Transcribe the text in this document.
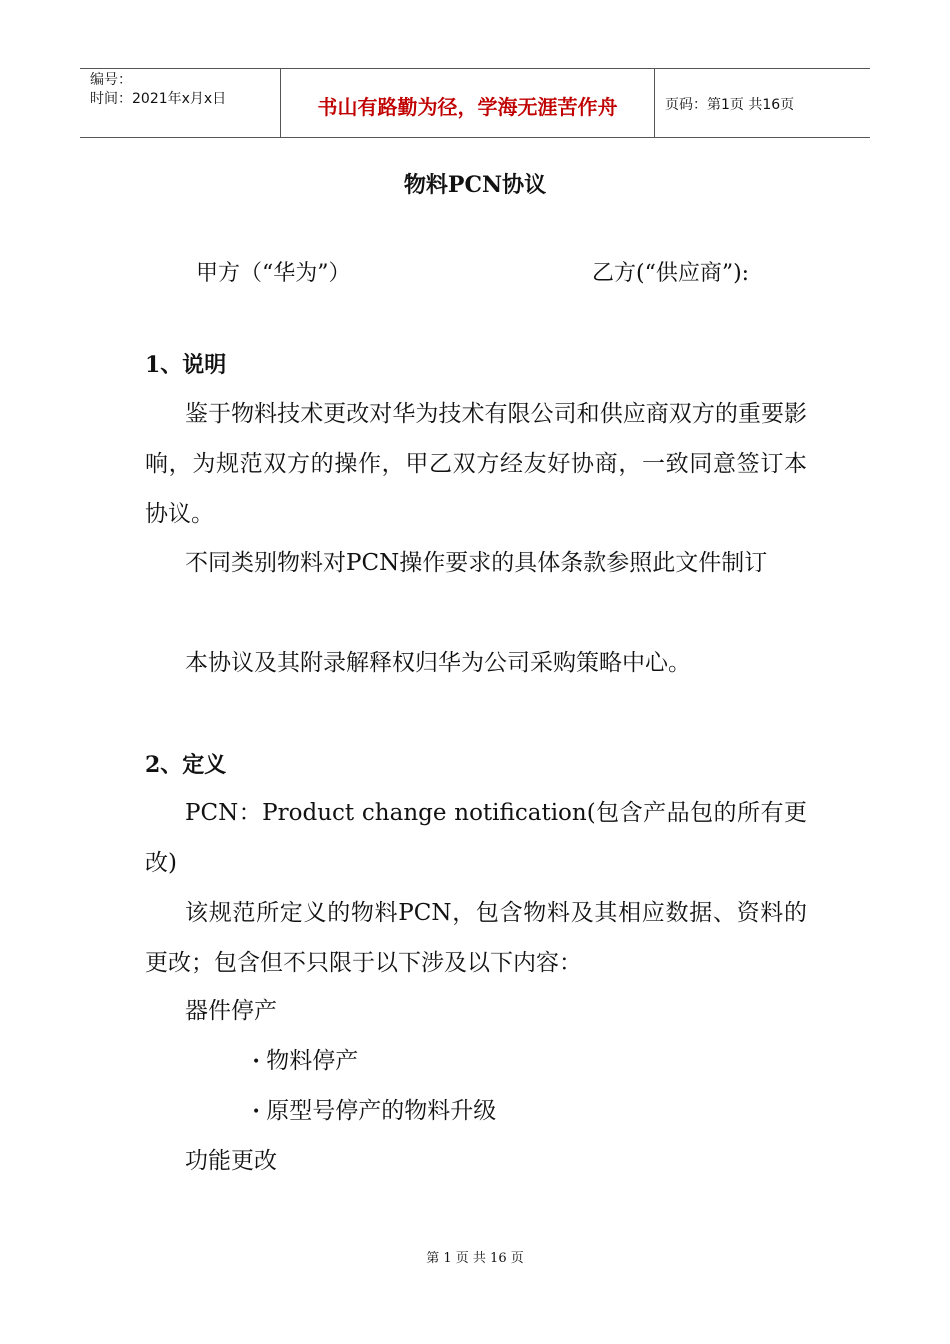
编号：
时间：2021年x月x日	书山有路勤为径，学海无涯苦作舟	页码：第1页 共16页
物料PCN协议
甲方（“华为”）	乙方(“供应商”):
1、说明

鉴于物料技术更改对华为技术有限公司和供应商双方的重要影响，为规范双方的操作，甲乙双方经友好协商，一致同意签订本协议。

不同类别物料对PCN操作要求的具体条款参照此文件制订

本协议及其附录解释权归华为公司采购策略中心。

2、定义

PCN：Product change notification(包含产品包的所有更改)

该规范所定义的物料PCN，包含物料及其相应数据、资料的更改；包含但不只限于以下涉及以下内容：

器件停产
• 物料停产
• 原型号停产的物料升级
功能更改
第 1 页 共 16 页
